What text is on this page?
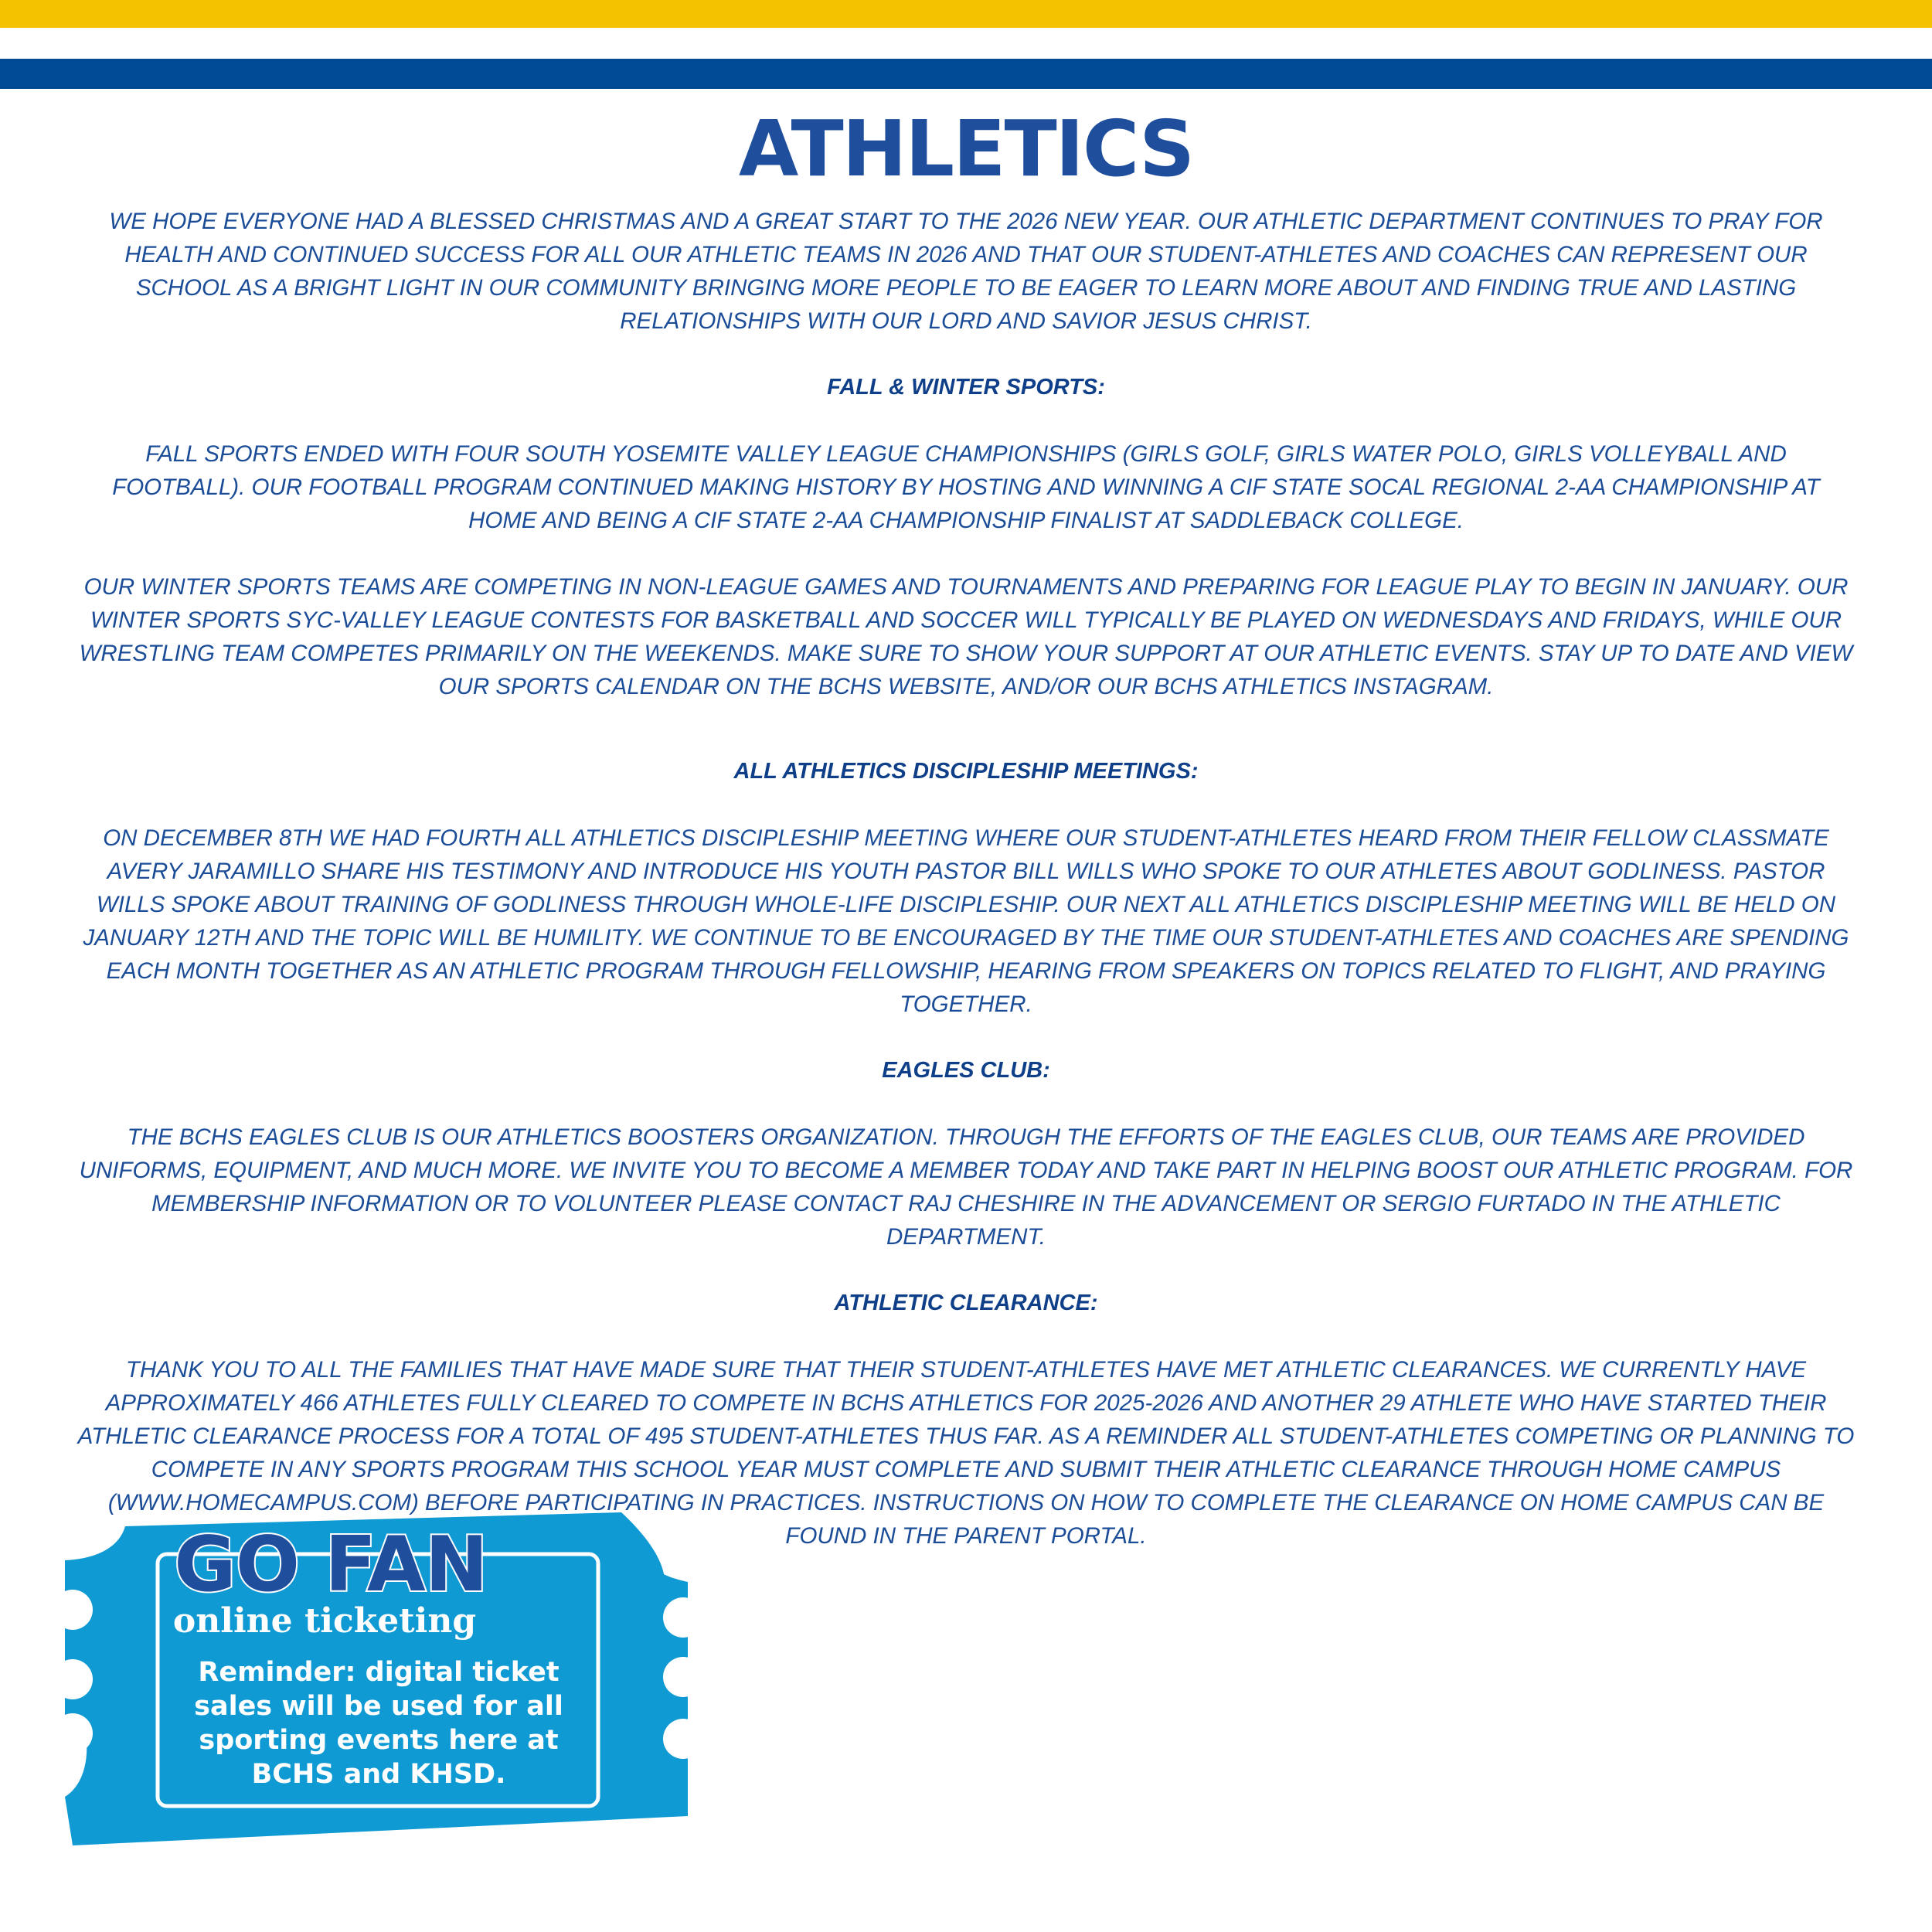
ATHLETICS

WE HOPE EVERYONE HAD A BLESSED CHRISTMAS AND A GREAT START TO THE 2026 NEW YEAR. OUR ATHLETIC DEPARTMENT CONTINUES TO PRAY FOR HEALTH AND CONTINUED SUCCESS FOR ALL OUR ATHLETIC TEAMS IN 2026 AND THAT OUR STUDENT-ATHLETES AND COACHES CAN REPRESENT OUR SCHOOL AS A BRIGHT LIGHT IN OUR COMMUNITY BRINGING MORE PEOPLE TO BE EAGER TO LEARN MORE ABOUT AND FINDING TRUE AND LASTING RELATIONSHIPS WITH OUR LORD AND SAVIOR JESUS CHRIST.

FALL & WINTER SPORTS:

FALL SPORTS ENDED WITH FOUR SOUTH YOSEMITE VALLEY LEAGUE CHAMPIONSHIPS (GIRLS GOLF, GIRLS WATER POLO, GIRLS VOLLEYBALL AND FOOTBALL). OUR FOOTBALL PROGRAM CONTINUED MAKING HISTORY BY HOSTING AND WINNING A CIF STATE SOCAL REGIONAL 2-AA CHAMPIONSHIP AT HOME AND BEING A CIF STATE 2-AA CHAMPIONSHIP FINALIST AT SADDLEBACK COLLEGE.

OUR WINTER SPORTS TEAMS ARE COMPETING IN NON-LEAGUE GAMES AND TOURNAMENTS AND PREPARING FOR LEAGUE PLAY TO BEGIN IN JANUARY. OUR WINTER SPORTS SYC-VALLEY LEAGUE CONTESTS FOR BASKETBALL AND SOCCER WILL TYPICALLY BE PLAYED ON WEDNESDAYS AND FRIDAYS, WHILE OUR WRESTLING TEAM COMPETES PRIMARILY ON THE WEEKENDS. MAKE SURE TO SHOW YOUR SUPPORT AT OUR ATHLETIC EVENTS. STAY UP TO DATE AND VIEW OUR SPORTS CALENDAR ON THE BCHS WEBSITE, AND/OR OUR BCHS ATHLETICS INSTAGRAM.

ALL ATHLETICS DISCIPLESHIP MEETINGS:

ON DECEMBER 8TH WE HAD FOURTH ALL ATHLETICS DISCIPLESHIP MEETING WHERE OUR STUDENT-ATHLETES HEARD FROM THEIR FELLOW CLASSMATE AVERY JARAMILLO SHARE HIS TESTIMONY AND INTRODUCE HIS YOUTH PASTOR BILL WILLS WHO SPOKE TO OUR ATHLETES ABOUT GODLINESS. PASTOR WILLS SPOKE ABOUT TRAINING OF GODLINESS THROUGH WHOLE-LIFE DISCIPLESHIP. OUR NEXT ALL ATHLETICS DISCIPLESHIP MEETING WILL BE HELD ON JANUARY 12TH AND THE TOPIC WILL BE HUMILITY. WE CONTINUE TO BE ENCOURAGED BY THE TIME OUR STUDENT-ATHLETES AND COACHES ARE SPENDING EACH MONTH TOGETHER AS AN ATHLETIC PROGRAM THROUGH FELLOWSHIP, HEARING FROM SPEAKERS ON TOPICS RELATED TO FLIGHT, AND PRAYING TOGETHER.

EAGLES CLUB:

THE BCHS EAGLES CLUB IS OUR ATHLETICS BOOSTERS ORGANIZATION. THROUGH THE EFFORTS OF THE EAGLES CLUB, OUR TEAMS ARE PROVIDED UNIFORMS, EQUIPMENT, AND MUCH MORE. WE INVITE YOU TO BECOME A MEMBER TODAY AND TAKE PART IN HELPING BOOST OUR ATHLETIC PROGRAM. FOR MEMBERSHIP INFORMATION OR TO VOLUNTEER PLEASE CONTACT RAJ CHESHIRE IN THE ADVANCEMENT OR SERGIO FURTADO IN THE ATHLETIC DEPARTMENT.

ATHLETIC CLEARANCE:

THANK YOU TO ALL THE FAMILIES THAT HAVE MADE SURE THAT THEIR STUDENT-ATHLETES HAVE MET ATHLETIC CLEARANCES. WE CURRENTLY HAVE APPROXIMATELY 466 ATHLETES FULLY CLEARED TO COMPETE IN BCHS ATHLETICS FOR 2025-2026 AND ANOTHER 29 ATHLETE WHO HAVE STARTED THEIR ATHLETIC CLEARANCE PROCESS FOR A TOTAL OF 495 STUDENT-ATHLETES THUS FAR. AS A REMINDER ALL STUDENT-ATHLETES COMPETING OR PLANNING TO COMPETE IN ANY SPORTS PROGRAM THIS SCHOOL YEAR MUST COMPLETE AND SUBMIT THEIR ATHLETIC CLEARANCE THROUGH HOME CAMPUS (WWW.HOMECAMPUS.COM) BEFORE PARTICIPATING IN PRACTICES. INSTRUCTIONS ON HOW TO COMPLETE THE CLEARANCE ON HOME CAMPUS CAN BE FOUND IN THE PARENT PORTAL.

GO FAN
online ticketing
Reminder: digital ticket sales will be used for all sporting events here at BCHS and KHSD.
